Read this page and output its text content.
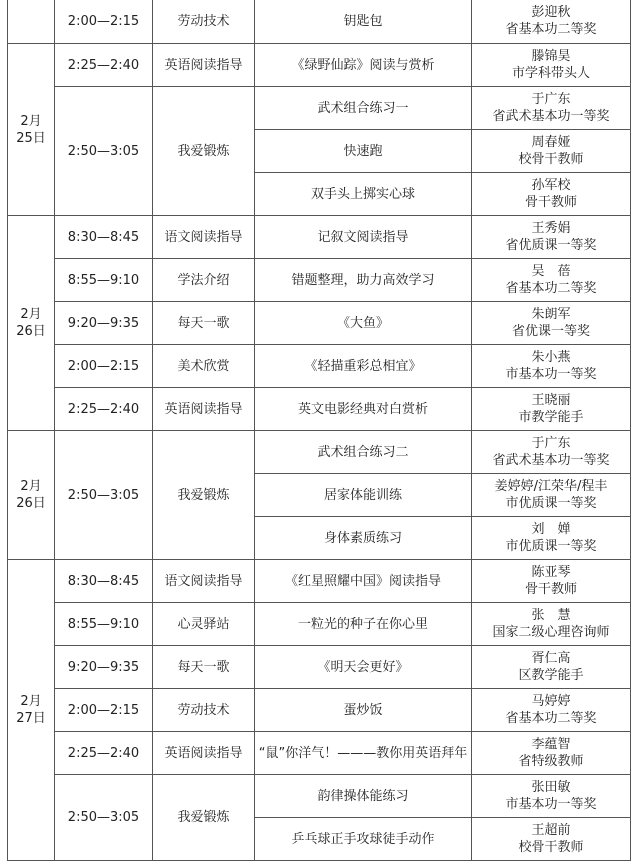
	2:00—2:15	劳动技术	钥匙包	彭迎秋
省基本功二等奖

2月
25日	2:25—2:40	英语阅读指导	《绿野仙踪》阅读与赏析	滕锦昊
市学科带头人

	2:50—3:05	我爱锻炼	武术组合练习一	于广东
省武术基本功一等奖

			快速跑	周春娅
校骨干教师

			双手头上掷实心球	孙军校
骨干教师

2月
26日	8:30—8:45	语文阅读指导	记叙文阅读指导	王秀娟
省优质课一等奖

	8:55—9:10	学法介绍	错题整理，助力高效学习	吴　蓓
省基本功二等奖

	9:20—9:35	每天一歌	《大鱼》	朱朗军
省优课一等奖

	2:00—2:15	美术欣赏	《轻描重彩总相宜》	朱小燕
市基本功一等奖

	2:25—2:40	英语阅读指导	英文电影经典对白赏析	王晓丽
市教学能手

2月
26日	2:50—3:05	我爱锻炼	武术组合练习二	于广东
省武术基本功一等奖

			居家体能训练	姜婷婷/江荣华/程丰
市优质课一等奖

			身体素质练习	刘　婵
市优质课一等奖

2月
27日	8:30—8:45	语文阅读指导	《红星照耀中国》阅读指导	陈亚琴
骨干教师

	8:55—9:10	心灵驿站	一粒光的种子在你心里	张　慧
国家二级心理咨询师

	9:20—9:35	每天一歌	《明天会更好》	胥仁高
区教学能手

	2:00—2:15	劳动技术	蛋炒饭	马婷婷
省基本功二等奖

	2:25—2:40	英语阅读指导	“鼠”你洋气！———教你用英语拜年	李蕴智
省特级教师

	2:50—3:05	我爱锻炼	韵律操体能练习	张田敏
市基本功一等奖

			乒乓球正手攻球徒手动作	王超前
校骨干教师
